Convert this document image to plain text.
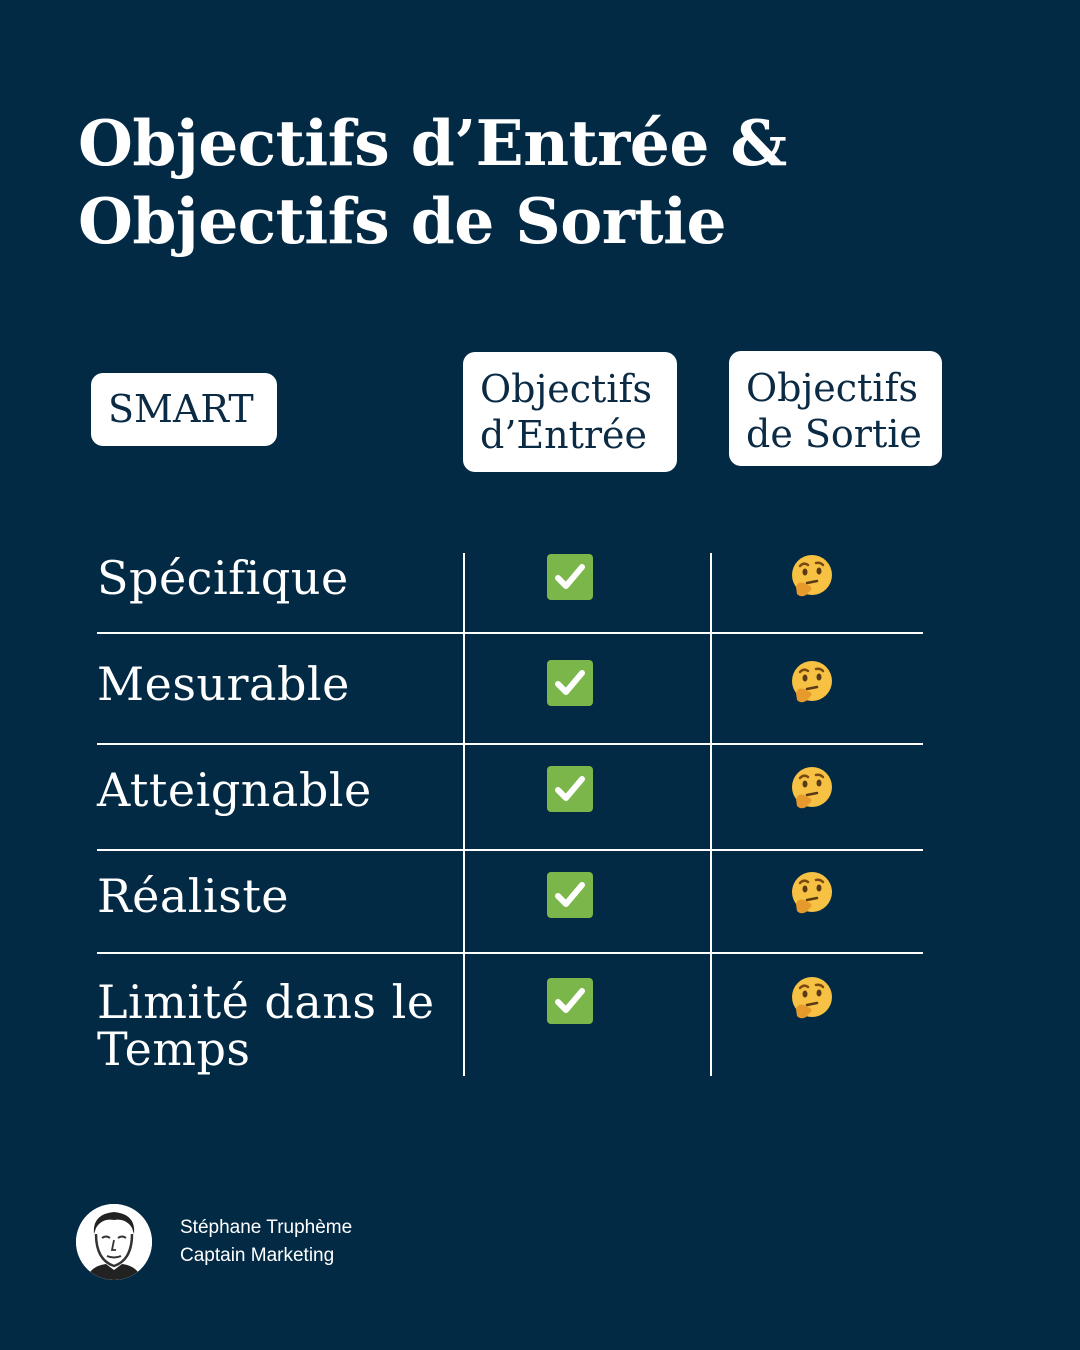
Objectifs d’Entrée &
Objectifs de Sortie
SMART	Objectifs
d’Entrée
Objectifs
de Sortie
Spécifique
Mesurable
Atteignable
Réaliste
Limité dans le
Temps
Stéphane Truphème
Captain Marketing
